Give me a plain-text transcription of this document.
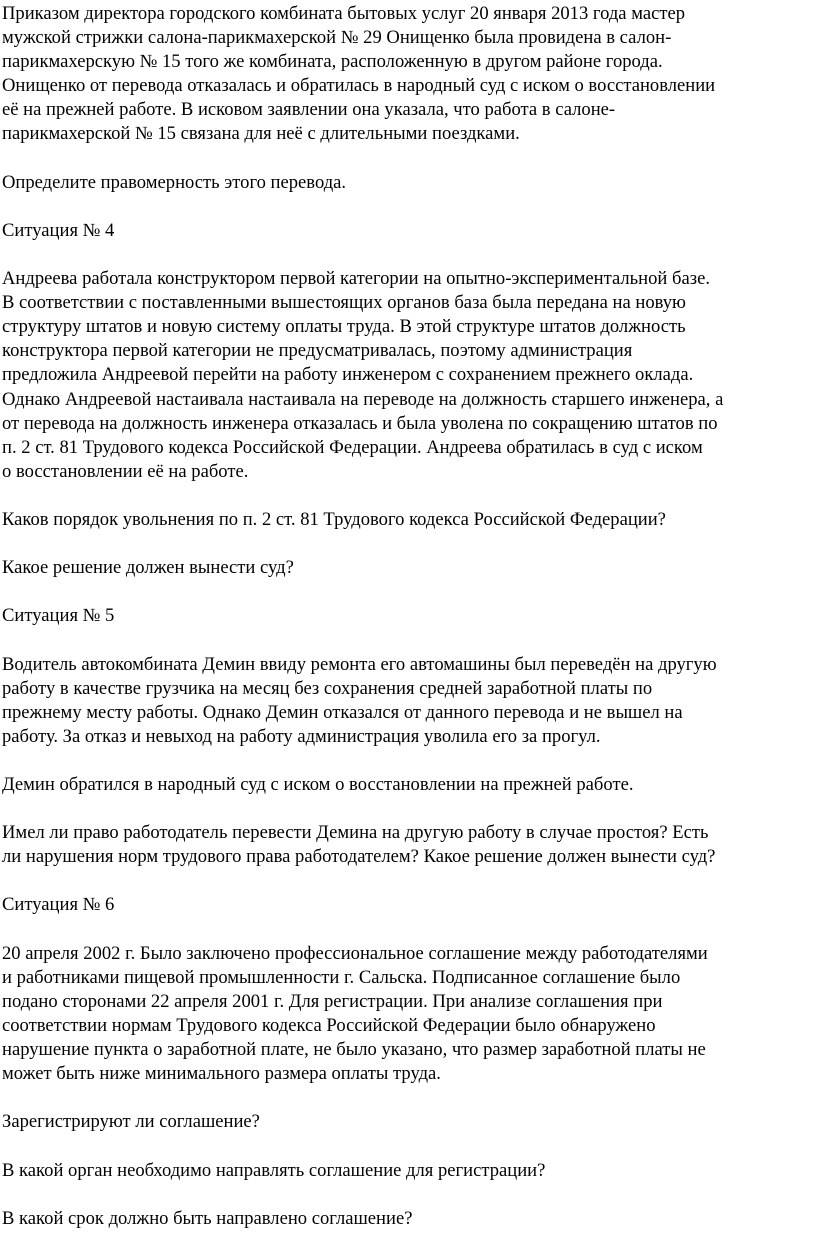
Приказом директора городского комбината бытовых услуг 20 января 2013 года мастер
мужской стрижки салона-парикмахерской № 29 Онищенко была провидена в салон-
парикмахерскую № 15 того же комбината, расположенную в другом районе города.
Онищенко от перевода отказалась и обратилась в народный суд с иском о восстановлении
её на прежней работе. В исковом заявлении она указала, что работа в салоне-
парикмахерской № 15 связана для неё с длительными поездками.

Определите правомерность этого перевода.

Ситуация № 4

Андреева работала конструктором первой категории на опытно-экспериментальной базе.
В соответствии с поставленными вышестоящих органов база была передана на новую
структуру штатов и новую систему оплаты труда. В этой структуре штатов должность
конструктора первой категории не предусматривалась, поэтому администрация
предложила Андреевой перейти на работу инженером с сохранением прежнего оклада.
Однако Андреевой настаивала настаивала на переводе на должность старшего инженера, а
от перевода на должность инженера отказалась и была уволена по сокращению штатов по
п. 2 ст. 81 Трудового кодекса Российской Федерации. Андреева обратилась в суд с иском
о восстановлении её на работе.

Каков порядок увольнения по п. 2 ст. 81 Трудового кодекса Российской Федерации?

Какое решение должен вынести суд?

Ситуация № 5

Водитель автокомбината Демин ввиду ремонта его автомашины был переведён на другую
работу в качестве грузчика на месяц без сохранения средней заработной платы по
прежнему месту работы. Однако Демин отказался от данного перевода и не вышел на
работу. За отказ и невыход на работу администрация уволила его за прогул.

Демин обратился в народный суд с иском о восстановлении на прежней работе.

Имел ли право работодатель перевести Демина на другую работу в случае простоя? Есть
ли нарушения норм трудового права работодателем? Какое решение должен вынести суд?

Ситуация № 6

20 апреля 2002 г. Было заключено профессиональное соглашение между работодателями
и работниками пищевой промышленности г. Сальска. Подписанное соглашение было
подано сторонами 22 апреля 2001 г. Для регистрации. При анализе соглашения при
соответствии нормам Трудового кодекса Российской Федерации было обнаружено
нарушение пункта о заработной плате, не было указано, что размер заработной платы не
может быть ниже минимального размера оплаты труда.

Зарегистрируют ли соглашение?

В какой орган необходимо направлять соглашение для регистрации?

В какой срок должно быть направлено соглашение?
